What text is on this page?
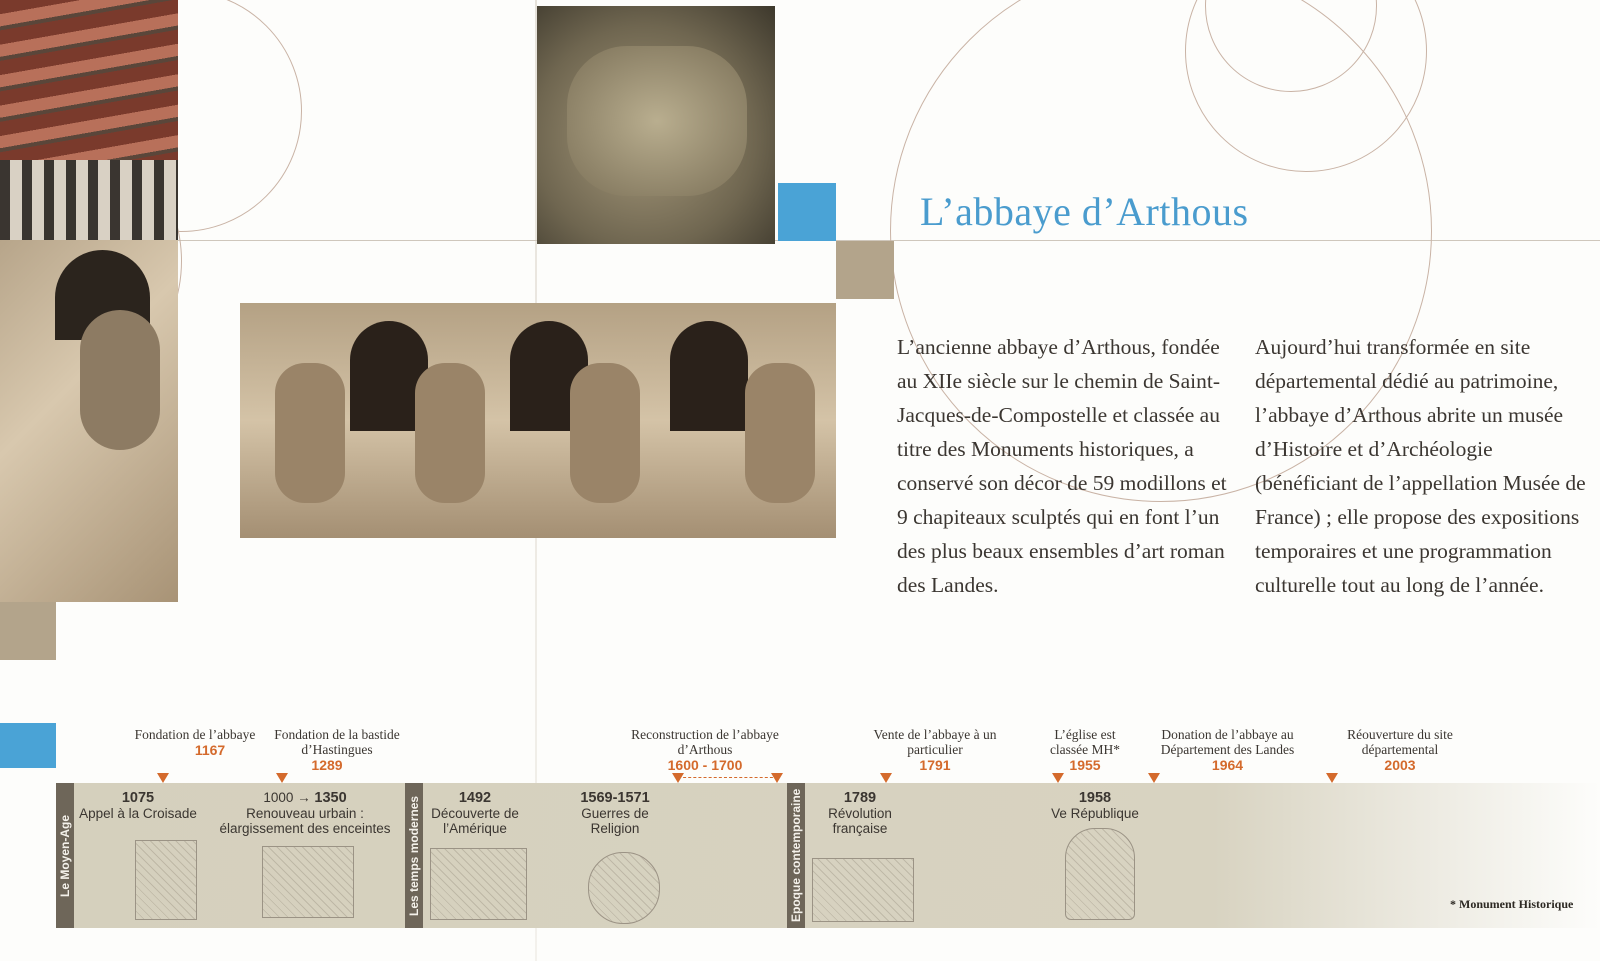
L’abbaye d’Arthous
L’ancienne abbaye d’Arthous, fondée au XIIe siècle sur le chemin de Saint-Jacques-de-Compostelle et classée au titre des Monuments historiques, a conservé son décor de 59 modillons et 9 chapiteaux sculptés qui en font l’un des plus beaux ensembles d’art roman des Landes.
Aujourd’hui transformée en site départemental dédié au patrimoine, l’abbaye d’Arthous abrite un musée d’Histoire et d’Archéologie (bénéficiant de l’appellation Musée de France) ; elle propose des expositions temporaires et une programmation culturelle tout au long de l’année.
Le Moyen-Age	Les temps modernes	Epoque contemporaine
Fondation de l’abbaye
1167
Fondation de la bastide d’Hastingues
1289
Reconstruction de l’abbaye d’Arthous
1600 - 1700
Vente de l’abbaye à un particulier
1791
L’église est classée MH*
1955
Donation de l’abbaye au Département des Landes
1964
Réouverture du site départemental
2003
1075
Appel à la Croisade
1000 → 1350
Renouveau urbain : élargissement des enceintes
1492
Découverte de l’Amérique
1569-1571
Guerres de Religion
1789
Révolution française
1958
Ve République
* Monument Historique
